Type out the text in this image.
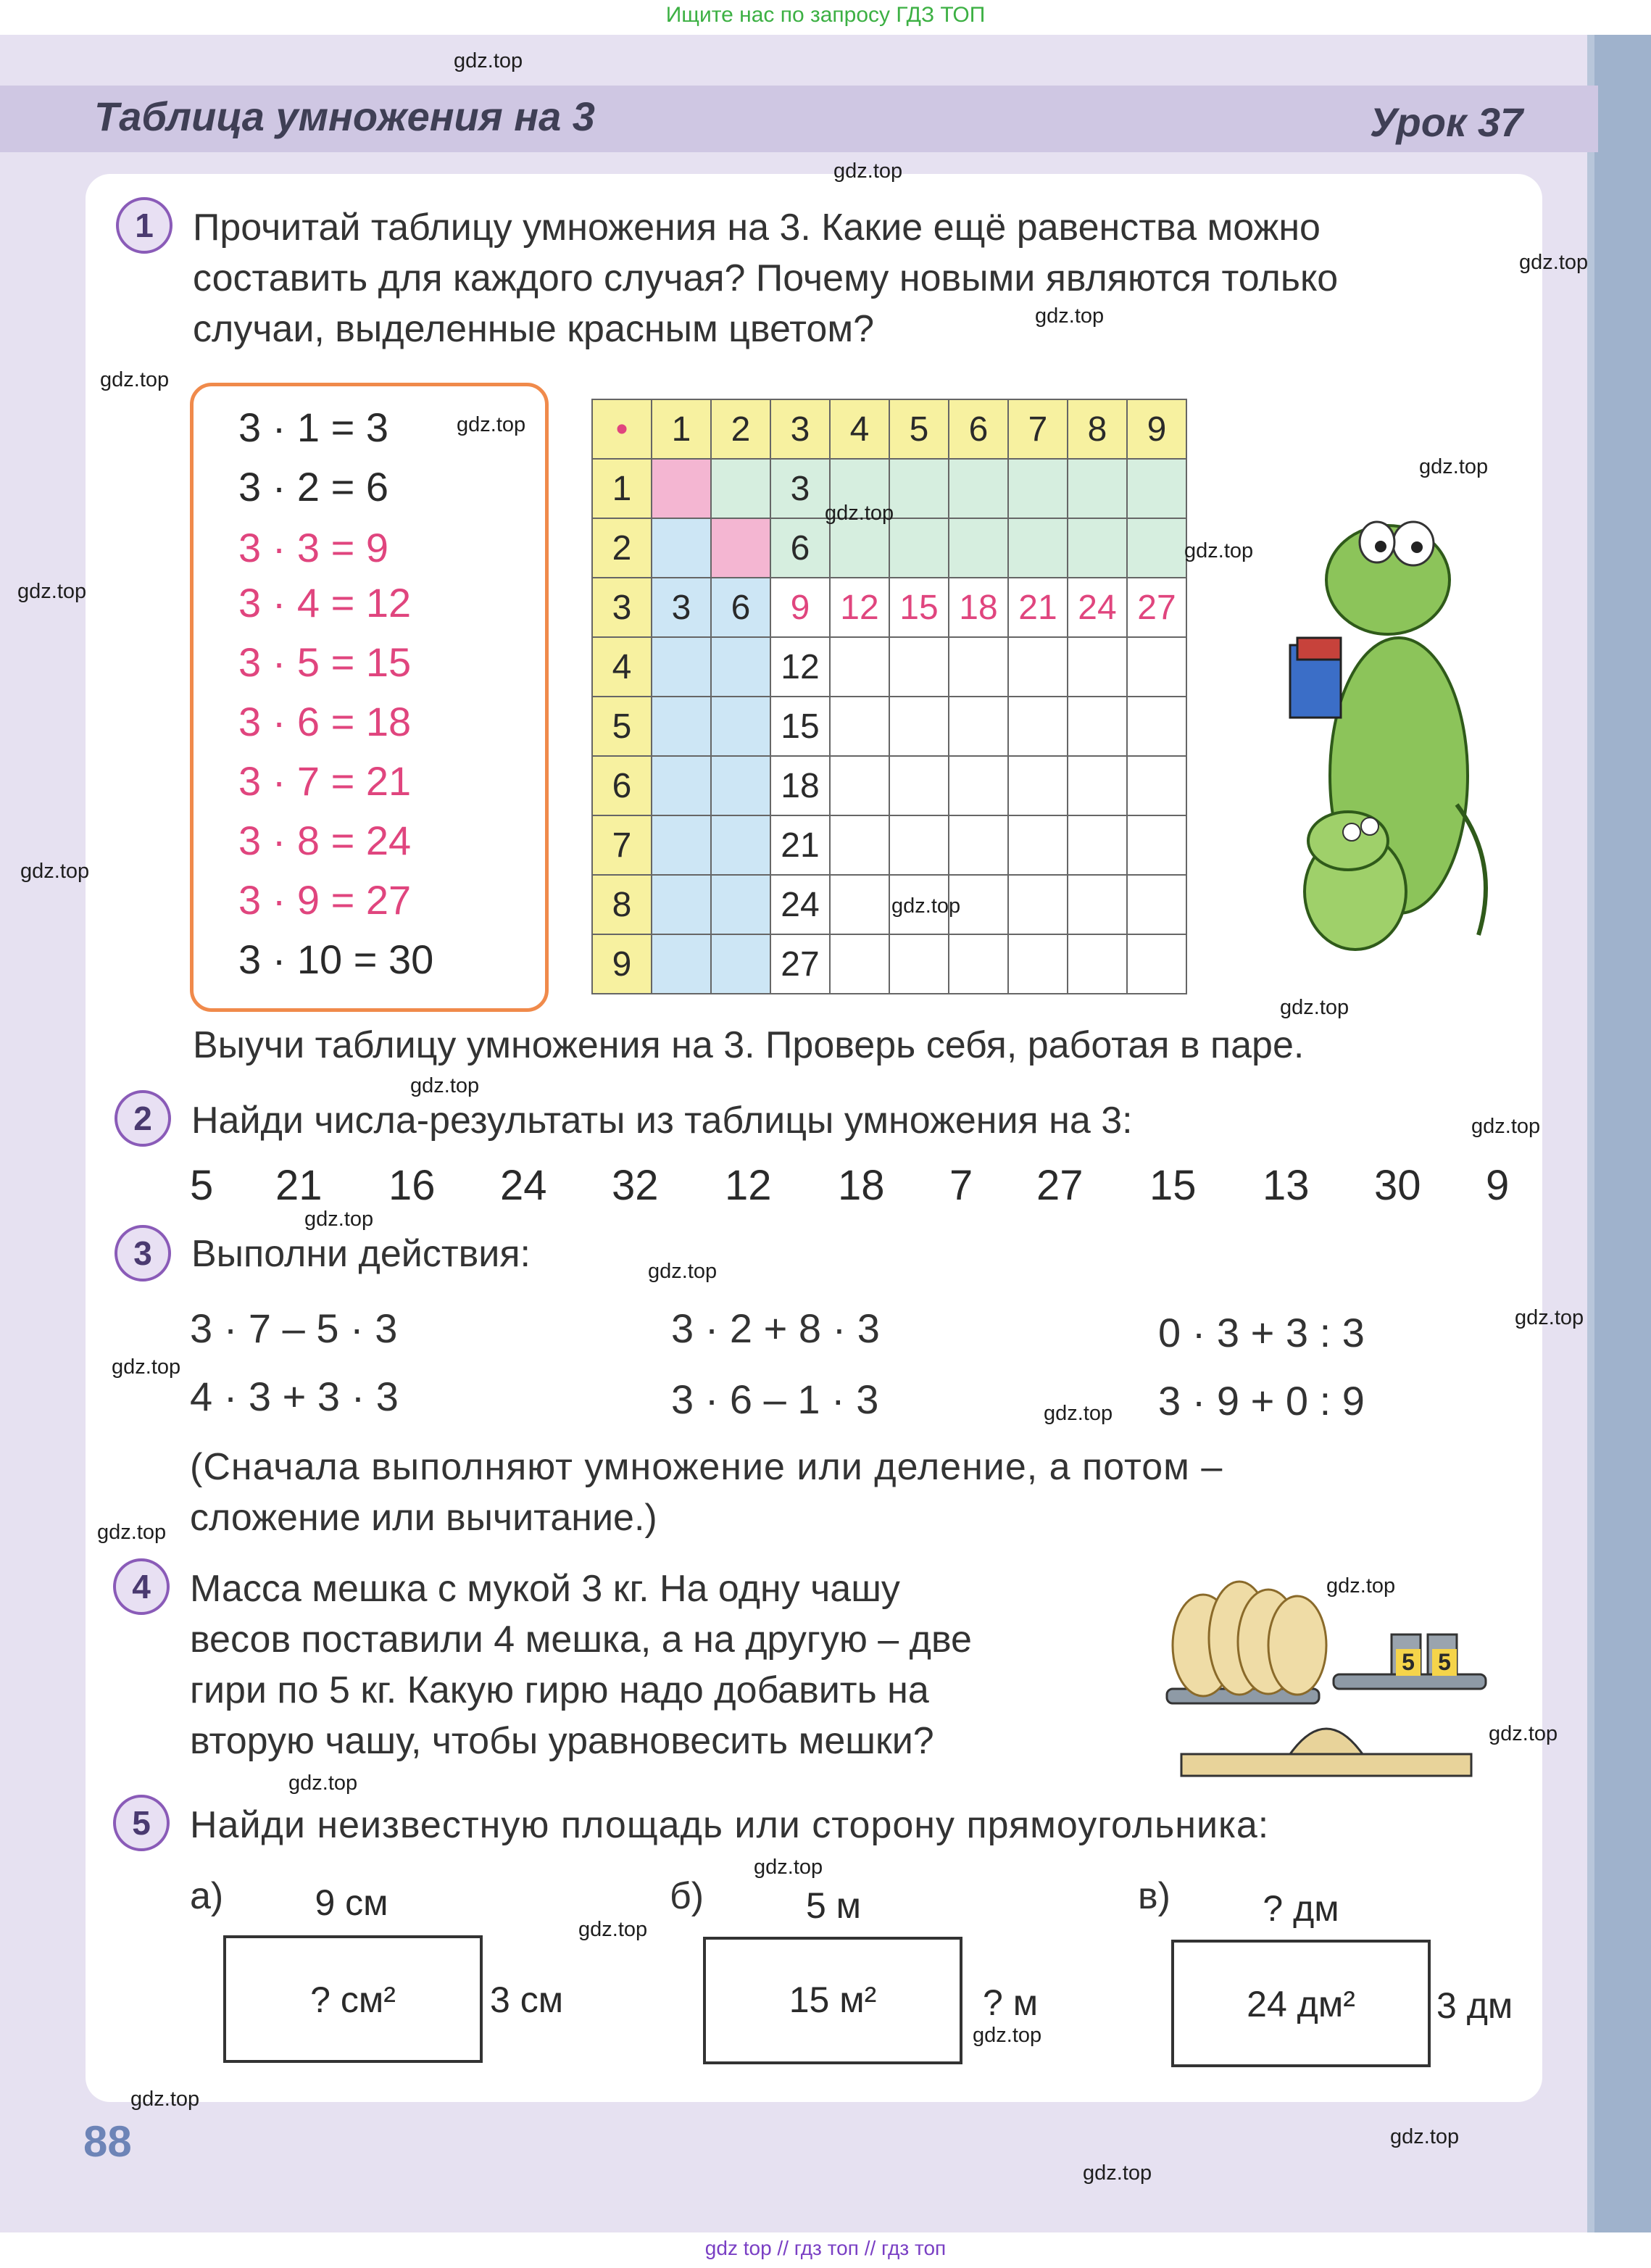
Ищите нас по запросу ГДЗ ТОП
Таблица умножения на 3	Урок 37
1	Прочитай таблицу умножения на 3. Какие ещё равенства можно
составить для каждого случая? Почему новыми являются только
случаи, выделенные красным цветом?
3 · 1 = 3
3 · 2 = 6
3 · 3 = 9
3 · 4 = 12
3 · 5 = 15
3 · 6 = 18
3 · 7 = 21
3 · 8 = 24
3 · 9 = 27
3 · 10 = 30
•	1	2	3	4	5	6	7	8	9
1			3						
2			6						
3	3	6	9	12	15	18	21	24	27
4			12						
5			15						
6			18						
7			21						
8			24						
9			27						
Выучи таблицу умножения на 3. Проверь себя, работая в паре.
2	Найди числа-результаты из таблицы умножения на 3:
5 21 16 24 32 12 18 7 27 15 13 30 9
3	Выполни действия:
3 · 7 – 5 · 3	3 · 2 + 8 · 3	0 · 3 + 3 : 3
4 · 3 + 3 · 3	3 · 6 – 1 · 3	3 · 9 + 0 : 9
(Сначала выполняют умножение или деление, а потом –
сложение или вычитание.)
4	Масса мешка с мукой 3 кг. На одну чашу
весов поставили 4 мешка, а на другую – две
гири по 5 кг. Какую гирю надо добавить на
вторую чашу, чтобы уравновесить мешки?
5 5
5	Найди неизвестную площадь или сторону прямоугольника:
а)	9 см
? см²	3 см
б)	5 м
15 м²	? м
в)	? дм
24 дм²	3 дм
88
gdz top // гдз топ // гдз топ
gdz.top
gdz.top
gdz.top
gdz.top
gdz.top
gdz.top
gdz.top
gdz.top
gdz.top
gdz.top
gdz.top
gdz.top
gdz.top
gdz.top
gdz.top
gdz.top
gdz.top
gdz.top
gdz.top
gdz.top
gdz.top
gdz.top
gdz.top
gdz.top
gdz.top
gdz.top
gdz.top
gdz.top
gdz.top
gdz.top
